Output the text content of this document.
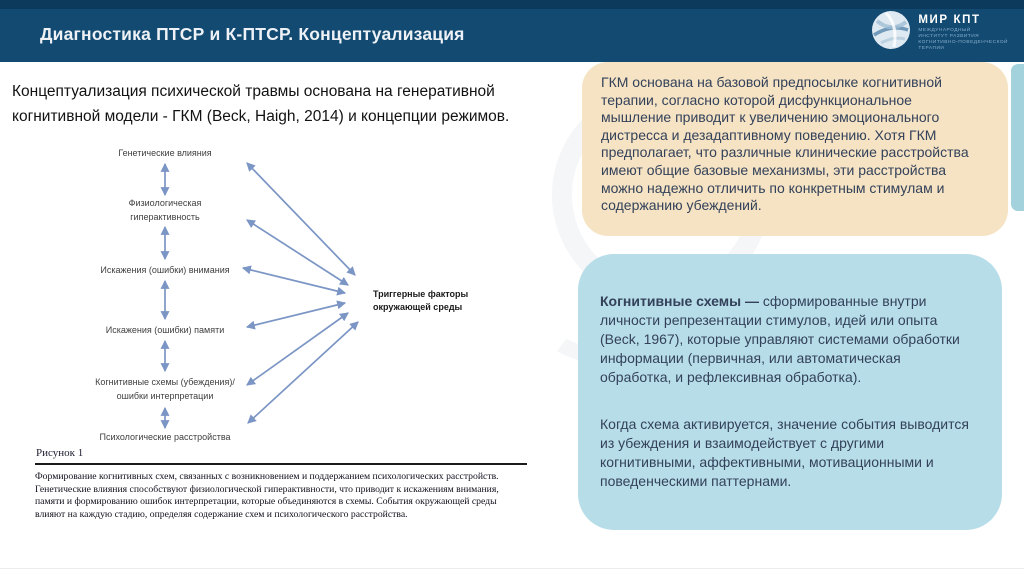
Диагностика ПТСР и К-ПТСР. Концептуализация
МИР КПТ
МЕЖДУНАРОДНЫЙ
ИНСТИТУТ РАЗВИТИЯ
КОГНИТИВНО-ПОВЕДЕНЧЕСКОЙ
ТЕРАПИИ
Концептуализация психической травмы основана на генеративной когнитивной модели - ГКМ (Beck, Haigh, 2014) и концепции режимов.
Генетические влияния
Физиологическая
гиперактивность
Искажения (ошибки) внимания
Искажения (ошибки) памяти
Когнитивные схемы (убеждения)/
ошибки интерпретации
Психологические расстройства
Триггерные факторы
окружающей среды
Рисунок 1
Формирование когнитивных схем, связанных с возникновением и поддержанием психологических расстройств. Генетические влияния способствуют физиологической гиперактивности, что приводит к искажениям внимания, памяти и формированию ошибок интерпретации, которые объединяются в схемы. События окружающей среды влияют на каждую стадию, определяя содержание схем и психологического расстройства.

ГКМ основана на базовой предпосылке когнитивной терапии, согласно которой дисфункциональное мышление приводит к увеличению эмоционального дистресса и дезадаптивному поведению. Хотя ГКМ предполагает, что различные клинические расстройства имеют общие базовые механизмы, эти расстройства можно надежно отличить по конкретным стимулам и содержанию убеждений.

Когнитивные схемы — сформированные внутри личности репрезентации стимулов, идей или опыта (Beck, 1967), которые управляют системами обработки информации (первичная, или автоматическая обработка, и рефлексивная обработка).

Когда схема активируется, значение события выводится из убеждения и взаимодействует с другими когнитивными, аффективными, мотивационными и поведенческими паттернами.
